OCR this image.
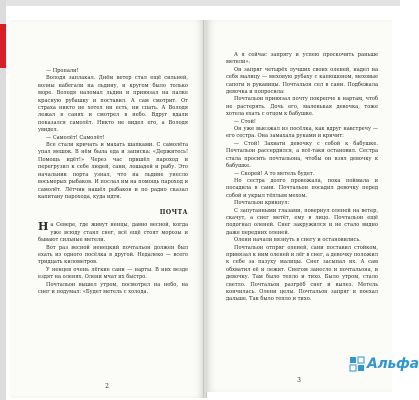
— Пропали!

Володя заплакал. Днём ветер стал ещё сильней, волны набегали на льдину, и кругом было только море. Володя наломал льдин и привязал на палке красную рубашку и поставил. А сам смотрит. От страха никто не хотел ни есть, ни спать. А Володя лежал в санях и смотрел в небо. Вдруг вдали показался самолёт. Никто не видел его, а Володя увидел.

— Самолёт! Самолёт!

Все стали кричать и махать шапками. С самолёта упал мешок. В нём была еда и записка: «Держитесь! Помощь идёт!» Через час пришёл пароход и перегрузил к себе людей, сани, лошадей и рыбу. Это начальник порта узнал, что на льдине унесло восьмерых рыбаков. И послал им на помощь пароход и самолёт. Лётчик нашёл рыбаков и по радио сказал капитану парохода, куда идти.

ПОЧТА

На Севере, где живут ненцы, давно весной, когда уже всюду стаял снег, всё ещё стоят морозы и бывают сильные метели.

Вот раз весной ненецкий почтальон должен был ехать из одного посёлка в другой. Недалеко — всего тридцать километров.

У ненцев очень лёгкие сани — нарты. В них везде ездят на оленях. Олени мчат их быстро.

Почтальон вышел утром, посмотрел на небо, на снег и подумал: «Будет метель с холода.

2

А я сейчас запрягу и успею проскочить раньше метели».

Он запряг четырёх лучших своих оленей, надел на себя малицу — меховую рубаху с капюшоном, меховые сапоги и рукавицы. Почтальон сел в сани. Подбежала девочка и попросила:

Почтальон привязал почту покрепче к нартам, чтоб не растерять. Дочь его, маленькая девочка, тоже хотела ехать с отцом к бабушке.

— Стой!

Он уже выезжал из посёлка, как вдруг навстречу — его сестра. Она замахала руками и кричит:

— Стой! Захвати девочку с собой к бабушке. Почтальон рассердился, а всё-таки остановил. Сестра стала просить почтальона, чтобы он взял девочку к бабушке.

— Скорей! А то метель будет.

Но сестра долго провожала, пока поймала и посадила в сани. Почтальон посадил девочку перед собой и укрыл тёплым мехом.

Почтальон крикнул:

С запутанными глазами, повернул оленей на ветер, скачут, а снег метёт, ему в лицо. Почтальон ещё подогнал оленей. Снег закружился и не стало видно даже передних оленей.

Олени начали вязнуть в снегу и остановились.

Почтальон отпряг оленей, сани поставил стойком, привязал к ним оленей и лёг в снег, а девочку положил к себе за пазуху малицы. Снег засыпал их. А сам обхватил её и лежит. Снегом занесло и почтальона, и девочку. Там было тепло и тихо. Было утром, стало светло. Почтальон разгрёб снег и вылез. Метель кончилась. Олени целы. Почтальон запряг и поехал дальше. Так было тепло и тихо.

3
Альфа
